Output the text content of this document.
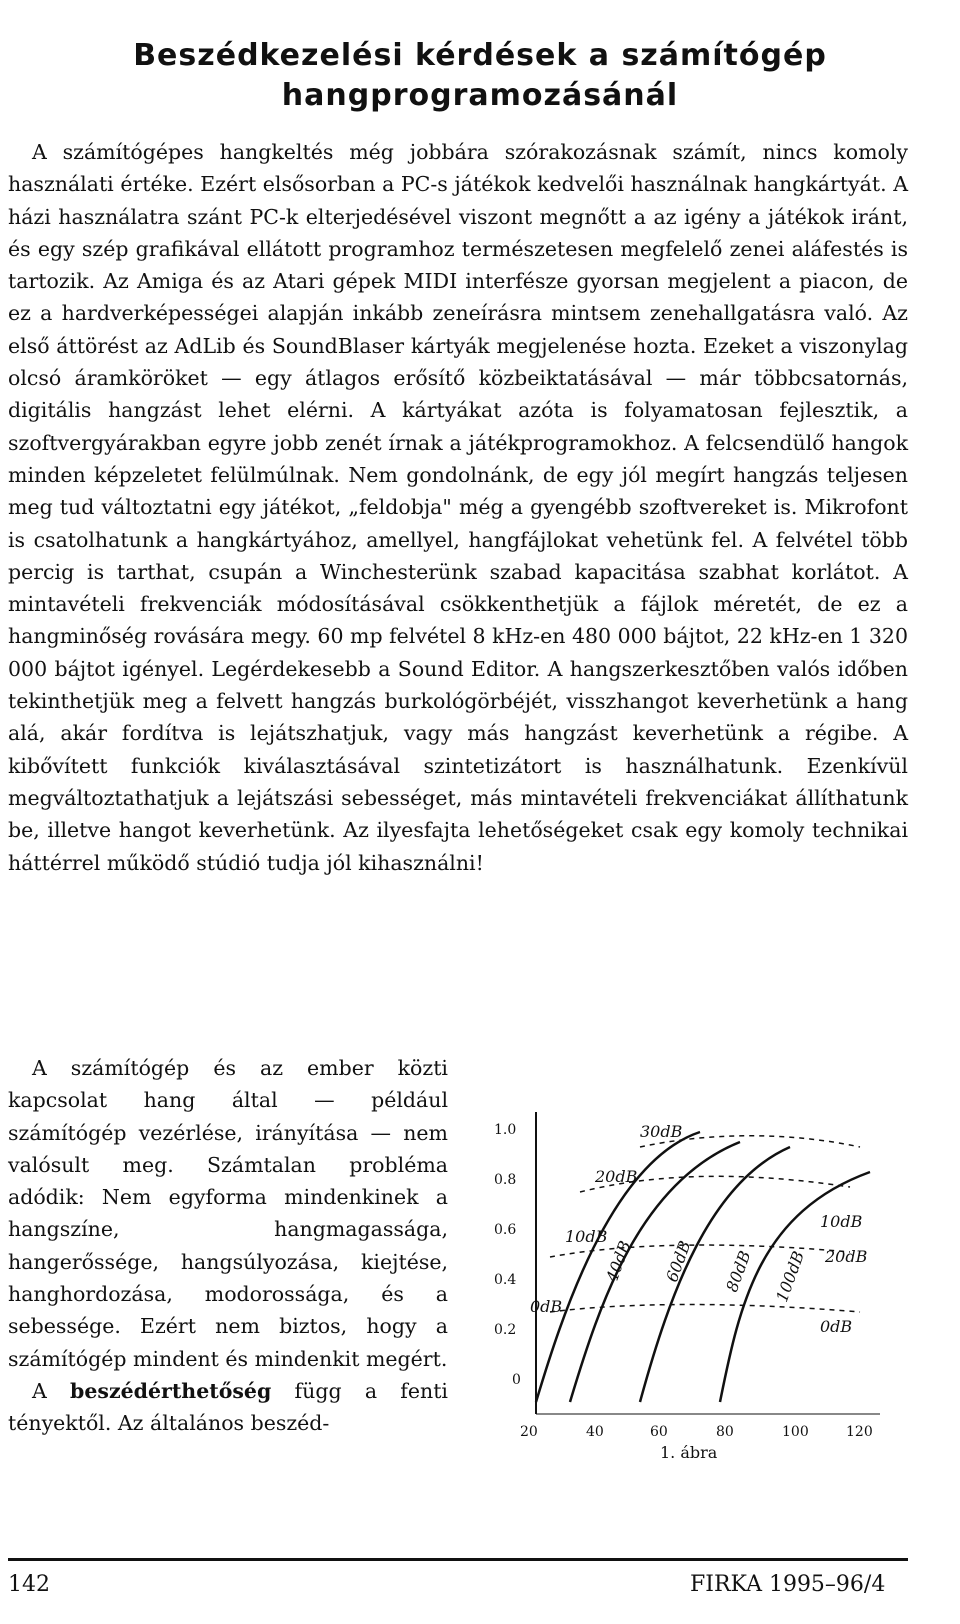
Beszédkezelési kérdések a számítógép
hangprogramozásánál

A számítógépes hangkeltés még jobbára szórakozásnak számít, nincs komoly használati értéke. Ezért elsősorban a PC-s játékok kedvelői használnak hangkártyát. A házi használatra szánt PC-k elterjedésével viszont megnőtt a az igény a játékok iránt, és egy szép grafikával ellátott programhoz természetesen megfelelő zenei aláfestés is tartozik. Az Amiga és az Atari gépek MIDI interfésze gyorsan megjelent a piacon, de ez a hardverképességei alapján inkább zeneírásra mintsem zenehallgatásra való. Az első áttörést az AdLib és SoundBlaser kártyák megjelenése hozta. Ezeket a viszonylag olcsó áramköröket — egy átlagos erősítő közbeiktatásával — már többcsatornás, digitális hangzást lehet elérni. A kártyákat azóta is folyamatosan fejlesztik, a szoftvergyárakban egyre jobb zenét írnak a játékprogramokhoz. A felcsendülő hangok minden képzeletet felülmúlnak. Nem gondolnánk, de egy jól megírt hangzás teljesen meg tud változtatni egy játékot, „feldobja" még a gyengébb szoftvereket is. Mikrofont is csatolhatunk a hangkártyához, amellyel, hangfájlokat vehetünk fel. A felvétel több percig is tarthat, csupán a Winchesterünk szabad kapacitása szabhat korlátot. A mintavételi frekvenciák módosításával csökkenthetjük a fájlok méretét, de ez a hangminőség rovására megy. 60 mp felvétel 8 kHz-en 480 000 bájtot, 22 kHz-en 1 320 000 bájtot igényel. Legérdekesebb a Sound Editor. A hangszerkesztőben valós időben tekinthetjük meg a felvett hangzás burkológörbéjét, visszhangot keverhetünk a hang alá, akár fordítva is lejátszhatjuk, vagy más hangzást keverhetünk a régibe. A kibővített funkciók kiválasztásával szintetizátort is használhatunk. Ezenkívül megváltoztathatjuk a lejátszási sebességet, más mintavételi frekvenciákat állíthatunk be, illetve hangot keverhetünk. Az ilyesfajta lehetőségeket csak egy komoly technikai háttérrel működő stúdió tudja jól kihasználni!

A számítógép és az ember közti kapcsolat hang által — például számítógép vezérlése, irányítása — nem valósult meg. Számtalan probléma adódik: Nem egyforma mindenkinek a hangszíne, hangmagassága, hangerőssége, hangsúlyozása, kiejtése, hanghordozása, modorossága, és a sebessége. Ezért nem biztos, hogy a számítógép mindent és mindenkit megért.

A beszédérthetőség függ a fenti tényektől. Az általános beszéd-

1.0
0.8
0.6
0.4
0.2
0
20	40	60	80	100	120
1. ábra
30dB
20dB
10dB
0dB
40dB 60dB 80dB 100dB
10dB
20dB
0dB
142	FIRKA 1995–96/4
